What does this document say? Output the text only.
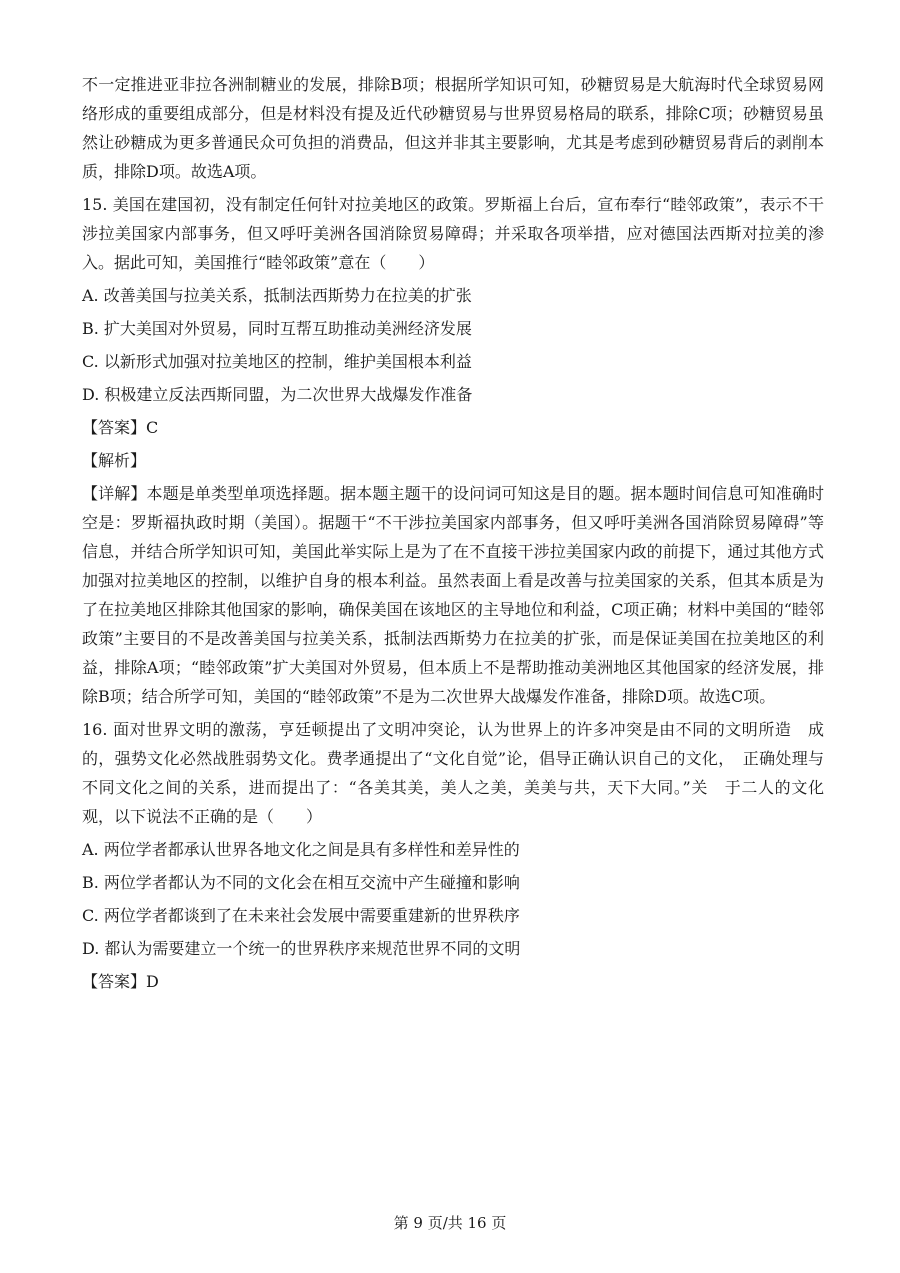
不一定推进亚非拉各洲制糖业的发展，排除B项；根据所学知识可知，砂糖贸易是大航海时代全球贸易网络形成的重要组成部分，但是材料没有提及近代砂糖贸易与世界贸易格局的联系，排除C项；砂糖贸易虽然让砂糖成为更多普通民众可负担的消费品，但这并非其主要影响，尤其是考虑到砂糖贸易背后的剥削本质，排除D项。故选A项。

15. 美国在建国初，没有制定任何针对拉美地区的政策。罗斯福上台后，宣布奉行“睦邻政策”，表示不干涉拉美国家内部事务，但又呼吁美洲各国消除贸易障碍；并采取各项举措，应对德国法西斯对拉美的渗入。据此可知，美国推行“睦邻政策”意在（　　）

A. 改善美国与拉美关系，抵制法西斯势力在拉美的扩张

B. 扩大美国对外贸易，同时互帮互助推动美洲经济发展

C. 以新形式加强对拉美地区的控制，维护美国根本利益

D. 积极建立反法西斯同盟，为二次世界大战爆发作准备

【答案】C

【解析】

【详解】本题是单类型单项选择题。据本题主题干的设问词可知这是目的题。据本题时间信息可知准确时空是：罗斯福执政时期（美国）。据题干“不干涉拉美国家内部事务，但又呼吁美洲各国消除贸易障碍”等信息，并结合所学知识可知，美国此举实际上是为了在不直接干涉拉美国家内政的前提下，通过其他方式加强对拉美地区的控制，以维护自身的根本利益。虽然表面上看是改善与拉美国家的关系，但其本质是为了在拉美地区排除其他国家的影响，确保美国在该地区的主导地位和利益，C项正确；材料中美国的“睦邻政策”主要目的不是改善美国与拉美关系，抵制法西斯势力在拉美的扩张，而是保证美国在拉美地区的利益，排除A项；“睦邻政策”扩大美国对外贸易，但本质上不是帮助推动美洲地区其他国家的经济发展，排除B项；结合所学可知，美国的“睦邻政策”不是为二次世界大战爆发作准备，排除D项。故选C项。

16. 面对世界文明的激荡，亨廷顿提出了文明冲突论，认为世界上的许多冲突是由不同的文明所造　成的，强势文化必然战胜弱势文化。费孝通提出了“文化自觉”论，倡导正确认识自己的文化，　正确处理与不同文化之间的关系，进而提出了：“各美其美，美人之美，美美与共，天下大同。”关　于二人的文化观，以下说法不正确的是（　　）

A. 两位学者都承认世界各地文化之间是具有多样性和差异性的

B. 两位学者都认为不同的文化会在相互交流中产生碰撞和影响

C. 两位学者都谈到了在未来社会发展中需要重建新的世界秩序

D. 都认为需要建立一个统一的世界秩序来规范世界不同的文明

【答案】D

第 9 页/共 16 页
